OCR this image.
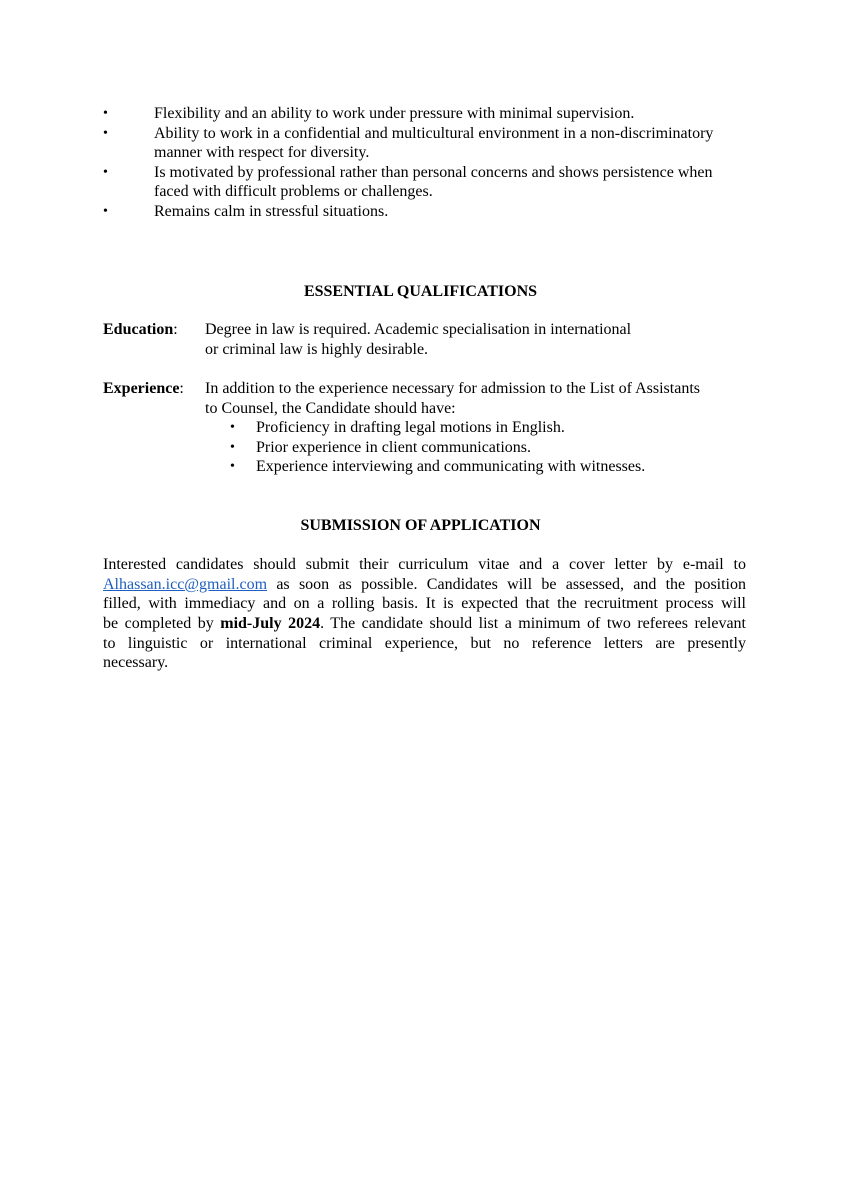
•	Flexibility and an ability to work under pressure with minimal supervision.
•	Ability to work in a confidential and multicultural environment in a non-discriminatory
manner with respect for diversity.
•	Is motivated by professional rather than personal concerns and shows persistence when
faced with difficult problems or challenges.
•	Remains calm in stressful situations.
ESSENTIAL QUALIFICATIONS
Education: Degree in law is required. Academic specialisation in international
or criminal law is highly desirable.
Experience: In addition to the experience necessary for admission to the List of Assistants
to Counsel, the Candidate should have:
• Proficiency in drafting legal motions in English.
• Prior experience in client communications.
• Experience interviewing and communicating with witnesses.
SUBMISSION OF APPLICATION
Interested candidates should submit their curriculum vitae and a cover letter by e-mail to
Alhassan.icc@gmail.com as soon as possible. Candidates will be assessed, and the position
filled, with immediacy and on a rolling basis. It is expected that the recruitment process will
be completed by mid-July 2024. The candidate should list a minimum of two referees relevant
to linguistic or international criminal experience, but no reference letters are presently
necessary.
